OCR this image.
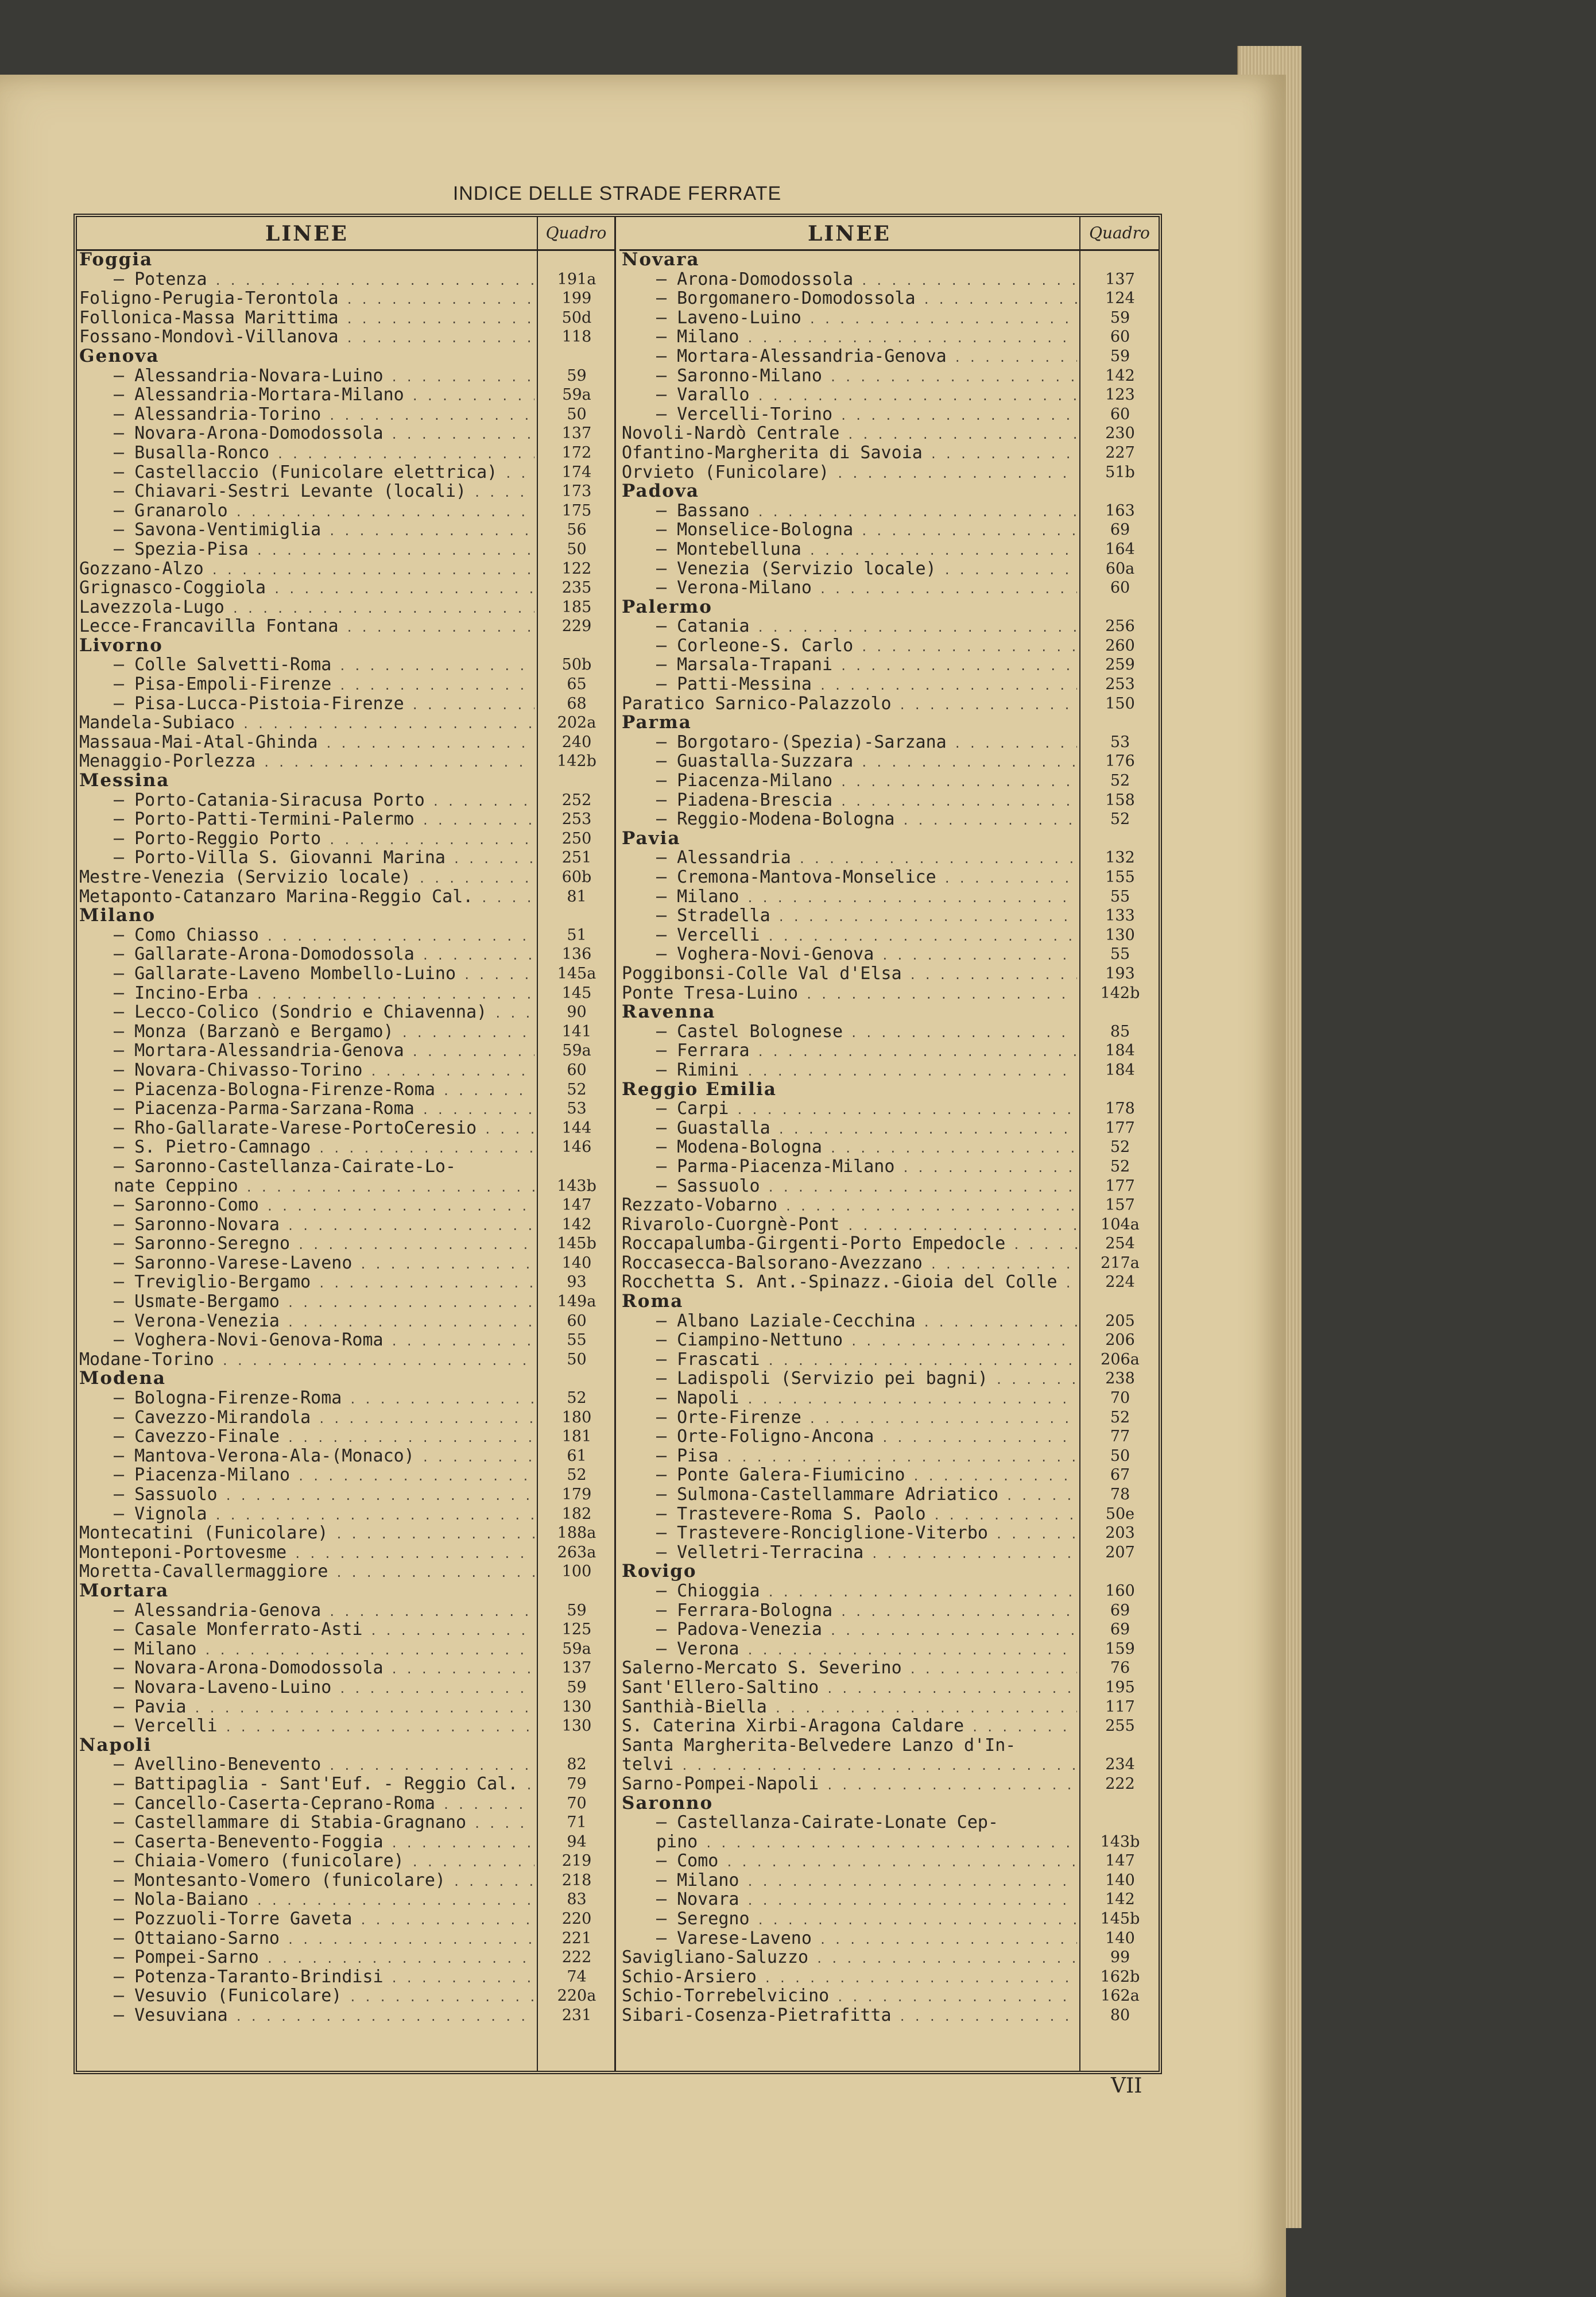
INDICE DELLE STRADE FERRATE
LINEE	Quadro
Foggia
— Potenza . . .	191a
Foligno-Perugia-Terontola . . .	199
Follonica-Massa Marittima . . .	50d
Fossano-Mondovì-Villanova . . .	118
Genova
— Alessandria-Novara-Luino . . .	59
— Alessandria-Mortara-Milano . . .	59a
— Alessandria-Torino . . .	50
— Novara-Arona-Domodossola . . .	137
— Busalla-Ronco . . .	172
— Castellaccio (Funicolare elettrica) . . .	174
— Chiavari-Sestri Levante (locali) . . .	173
— Granarolo . . .	175
— Savona-Ventimiglia . . .	56
— Spezia-Pisa . . .	50
Gozzano-Alzo . . .	122
Grignasco-Coggiola . . .	235
Lavezzola-Lugo . . .	185
Lecce-Francavilla Fontana . . .	229
Livorno
— Colle Salvetti-Roma . . .	50b
— Pisa-Empoli-Firenze . . .	65
— Pisa-Lucca-Pistoia-Firenze . . .	68
Mandela-Subiaco . . .	202a
Massaua-Mai-Atal-Ghinda . . .	240
Menaggio-Porlezza . . .	142b
Messina
— Porto-Catania-Siracusa Porto . . .	252
— Porto-Patti-Termini-Palermo . . .	253
— Porto-Reggio Porto . . .	250
— Porto-Villa S. Giovanni Marina . . .	251
Mestre-Venezia (Servizio locale) . . .	60b
Metaponto-Catanzaro Marina-Reggio Cal. . . .	81
Milano
— Como Chiasso . . .	51
— Gallarate-Arona-Domodossola . . .	136
— Gallarate-Laveno Mombello-Luino . . .	145a
— Incino-Erba . . .	145
— Lecco-Colico (Sondrio e Chiavenna) . . .	90
— Monza (Barzanò e Bergamo) . . .	141
— Mortara-Alessandria-Genova . . .	59a
— Novara-Chivasso-Torino . . .	60
— Piacenza-Bologna-Firenze-Roma . . .	52
— Piacenza-Parma-Sarzana-Roma . . .	53
— Rho-Gallarate-Varese-PortoCeresio . . .	144
— S. Pietro-Camnago . . .	146
— Saronno-Castellanza-Cairate-Lo-
nate Ceppino . . .	143b
— Saronno-Como . . .	147
— Saronno-Novara . . .	142
— Saronno-Seregno . . .	145b
— Saronno-Varese-Laveno . . .	140
— Treviglio-Bergamo . . .	93
— Usmate-Bergamo . . .	149a
— Verona-Venezia . . .	60
— Voghera-Novi-Genova-Roma . . .	55
Modane-Torino . . .	50
Modena
— Bologna-Firenze-Roma . . .	52
— Cavezzo-Mirandola . . .	180
— Cavezzo-Finale . . .	181
— Mantova-Verona-Ala-(Monaco) . . .	61
— Piacenza-Milano . . .	52
— Sassuolo . . .	179
— Vignola . . .	182
Montecatini (Funicolare) . . .	188a
Monteponi-Portovesme . . .	263a
Moretta-Cavallermaggiore . . .	100
Mortara
— Alessandria-Genova . . .	59
— Casale Monferrato-Asti . . .	125
— Milano . . .	59a
— Novara-Arona-Domodossola . . .	137
— Novara-Laveno-Luino . . .	59
— Pavia . . .	130
— Vercelli . . .	130
Napoli
— Avellino-Benevento . . .	82
— Battipaglia - Sant'Euf. - Reggio Cal. . . .	79
— Cancello-Caserta-Ceprano-Roma . . .	70
— Castellammare di Stabia-Gragnano . . .	71
— Caserta-Benevento-Foggia . . .	94
— Chiaia-Vomero (funicolare) . . .	219
— Montesanto-Vomero (funicolare) . . .	218
— Nola-Baiano . . .	83
— Pozzuoli-Torre Gaveta . . .	220
— Ottaiano-Sarno . . .	221
— Pompei-Sarno . . .	222
— Potenza-Taranto-Brindisi . . .	74
— Vesuvio (Funicolare) . . .	220a
— Vesuviana . . .	231
LINEE	Quadro
Novara
— Arona-Domodossola . . .	137
— Borgomanero-Domodossola . . .	124
— Laveno-Luino . . .	59
— Milano . . .	60
— Mortara-Alessandria-Genova . . .	59
— Saronno-Milano . . .	142
— Varallo . . .	123
— Vercelli-Torino . . .	60
Novoli-Nardò Centrale . . .	230
Ofantino-Margherita di Savoia . . .	227
Orvieto (Funicolare) . . .	51b
Padova
— Bassano . . .	163
— Monselice-Bologna . . .	69
— Montebelluna . . .	164
— Venezia (Servizio locale) . . .	60a
— Verona-Milano . . .	60
Palermo
— Catania . . .	256
— Corleone-S. Carlo . . .	260
— Marsala-Trapani . . .	259
— Patti-Messina . . .	253
Paratico Sarnico-Palazzolo . . .	150
Parma
— Borgotaro-(Spezia)-Sarzana . . .	53
— Guastalla-Suzzara . . .	176
— Piacenza-Milano . . .	52
— Piadena-Brescia . . .	158
— Reggio-Modena-Bologna . . .	52
Pavia
— Alessandria . . .	132
— Cremona-Mantova-Monselice . . .	155
— Milano . . .	55
— Stradella . . .	133
— Vercelli . . .	130
— Voghera-Novi-Genova . . .	55
Poggibonsi-Colle Val d'Elsa . . .	193
Ponte Tresa-Luino . . .	142b
Ravenna
— Castel Bolognese . . .	85
— Ferrara . . .	184
— Rimini . . .	184
Reggio Emilia
— Carpi . . .	178
— Guastalla . . .	177
— Modena-Bologna . . .	52
— Parma-Piacenza-Milano . . .	52
— Sassuolo . . .	177
Rezzato-Vobarno . . .	157
Rivarolo-Cuorgnè-Pont . . .	104a
Roccapalumba-Girgenti-Porto Empedocle . . .	254
Roccasecca-Balsorano-Avezzano . . .	217a
Rocchetta S. Ant.-Spinazz.-Gioia del Colle . . .	224
Roma
— Albano Laziale-Cecchina . . .	205
— Ciampino-Nettuno . . .	206
— Frascati . . .	206a
— Ladispoli (Servizio pei bagni) . . .	238
— Napoli . . .	70
— Orte-Firenze . . .	52
— Orte-Foligno-Ancona . . .	77
— Pisa . . .	50
— Ponte Galera-Fiumicino . . .	67
— Sulmona-Castellammare Adriatico . . .	78
— Trastevere-Roma S. Paolo . . .	50e
— Trastevere-Ronciglione-Viterbo . . .	203
— Velletri-Terracina . . .	207
Rovigo
— Chioggia . . .	160
— Ferrara-Bologna . . .	69
— Padova-Venezia . . .	69
— Verona . . .	159
Salerno-Mercato S. Severino . . .	76
Sant'Ellero-Saltino . . .	195
Santhià-Biella . . .	117
S. Caterina Xirbi-Aragona Caldare . . .	255
Santa Margherita-Belvedere Lanzo d'In-
telvi . . .	234
Sarno-Pompei-Napoli . . .	222
Saronno
— Castellanza-Cairate-Lonate Cep-
pino . . .	143b
— Como . . .	147
— Milano . . .	140
— Novara . . .	142
— Seregno . . .	145b
— Varese-Laveno . . .	140
Savigliano-Saluzzo . . .	99
Schio-Arsiero . . .	162b
Schio-Torrebelvicino . . .	162a
Sibari-Cosenza-Pietrafitta . . .	80
VII
